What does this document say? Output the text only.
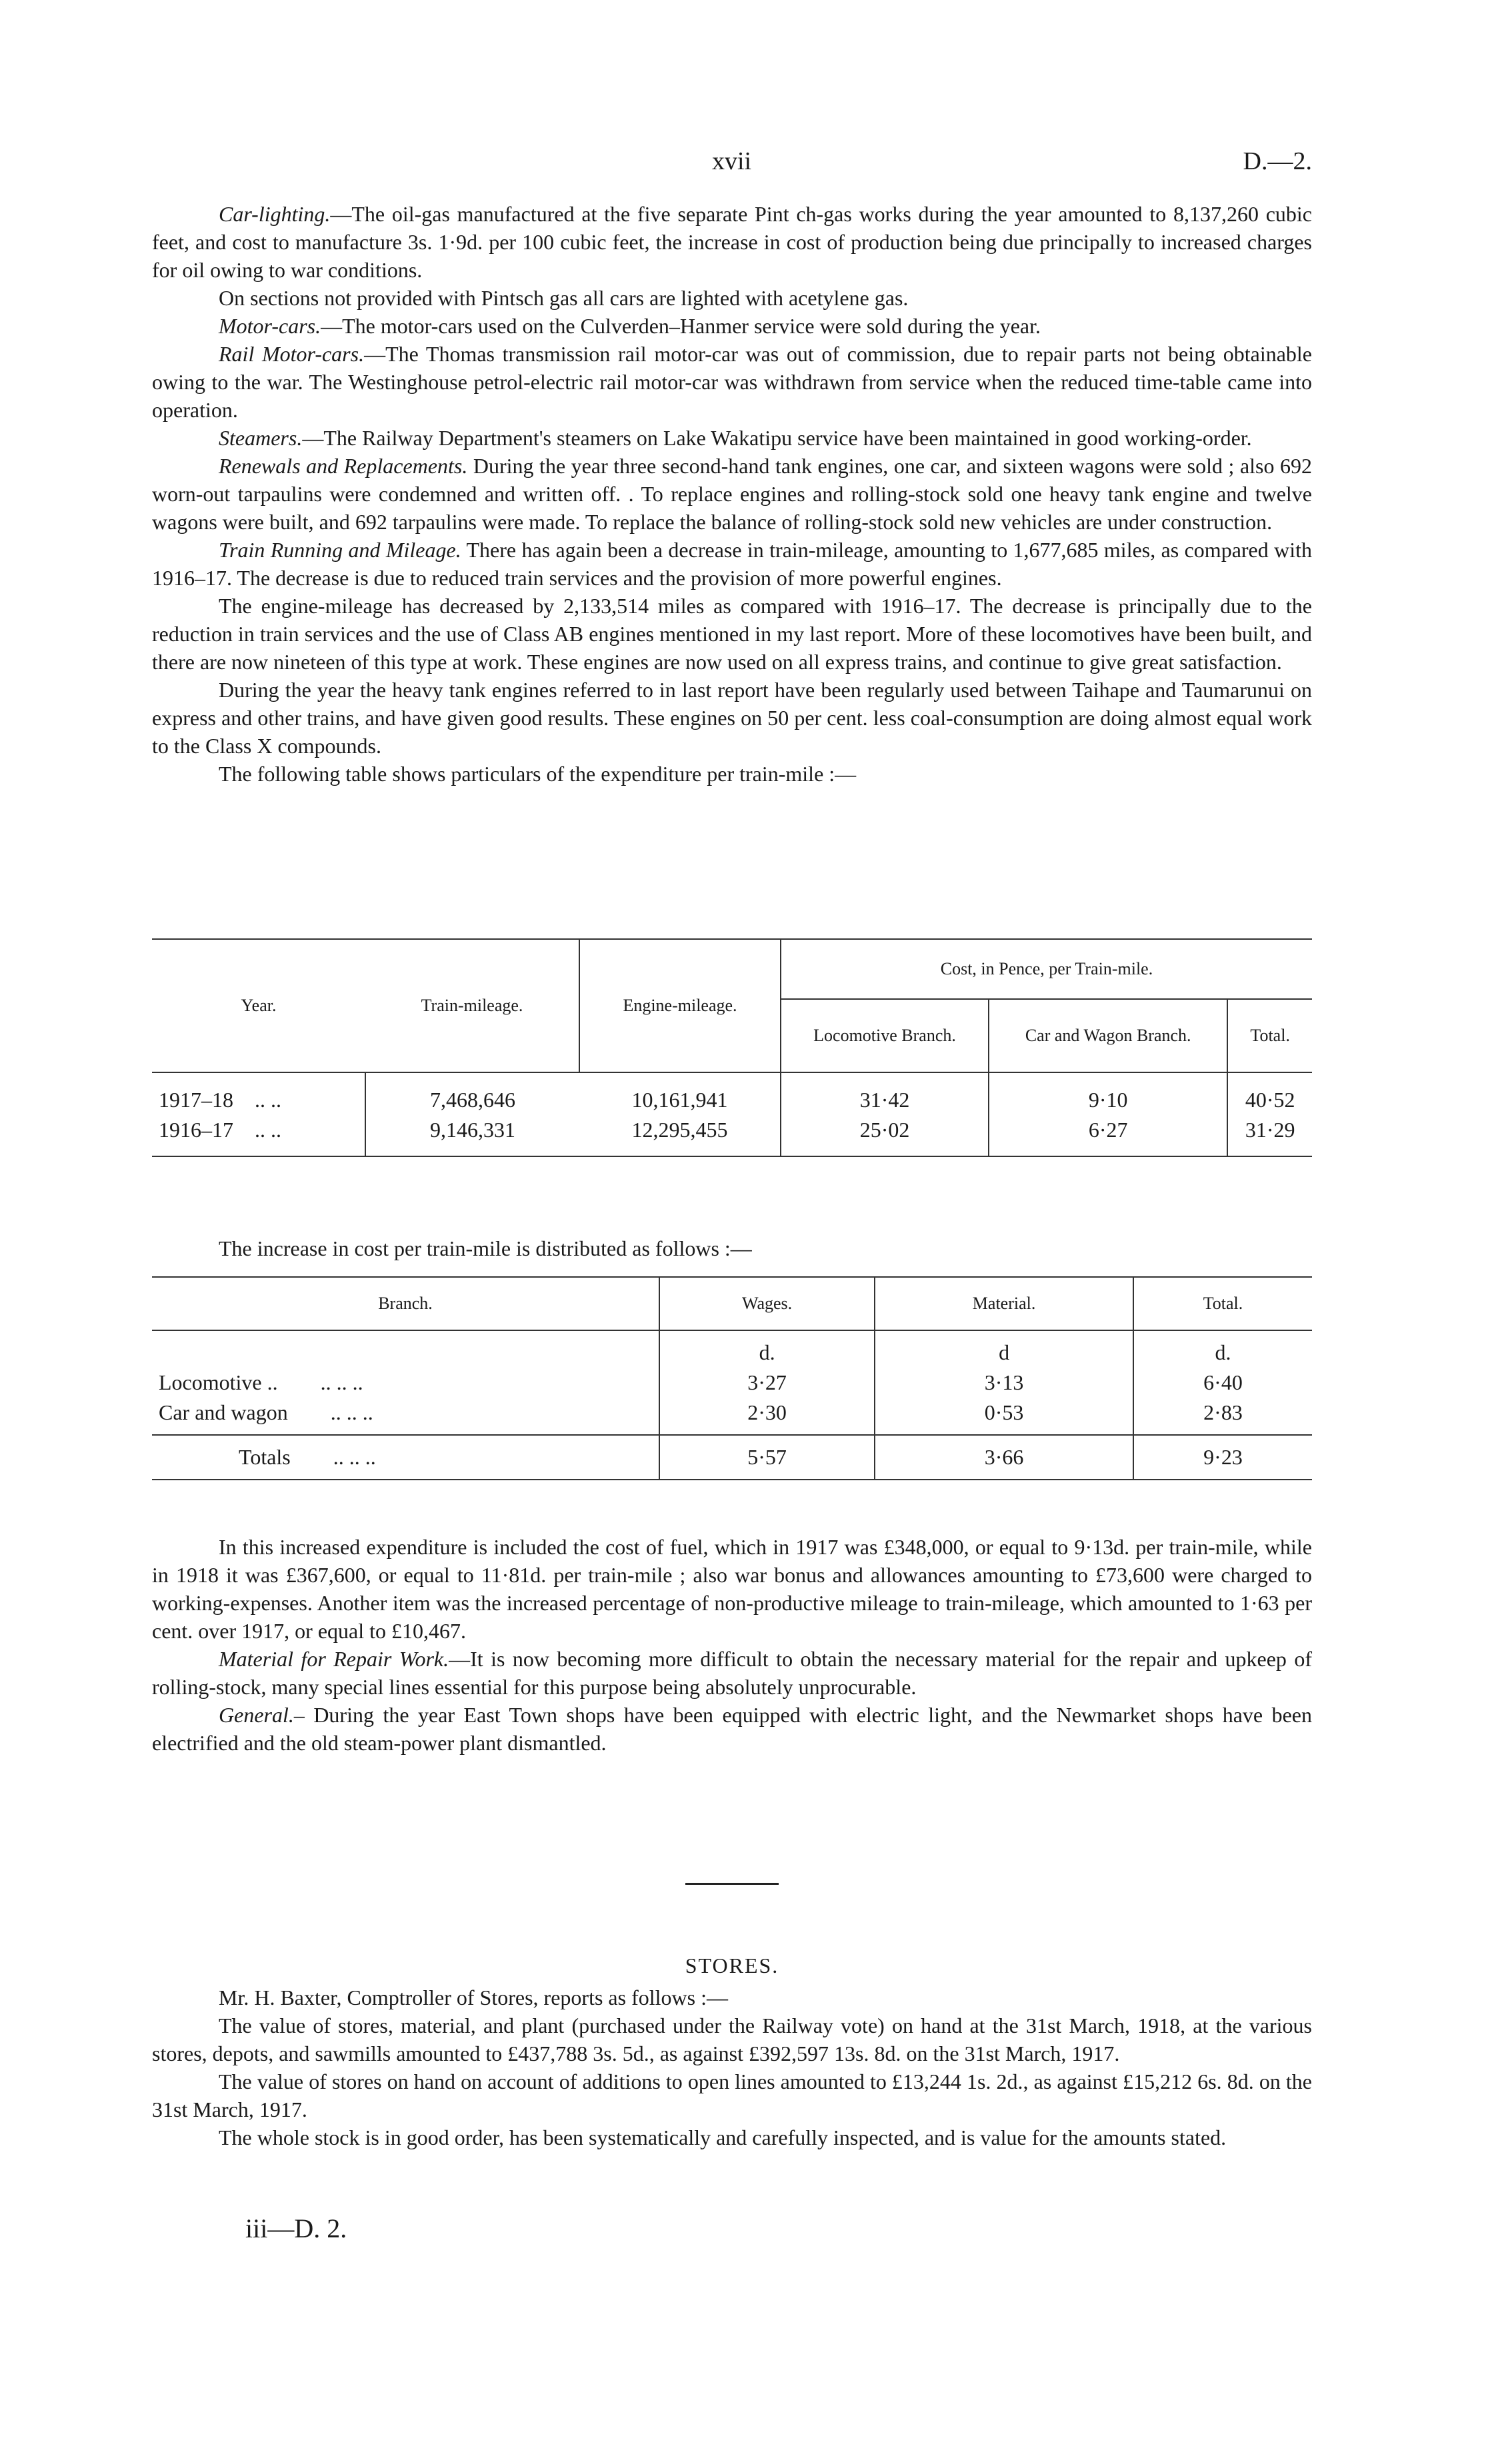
xvii	D.—2.

Car-lighting.—The oil-gas manufactured at the five separate Pint ch-gas works during the year amounted to 8,137,260 cubic feet, and cost to manufacture 3s. 1·9d. per 100 cubic feet, the increase in cost of production being due principally to increased charges for oil owing to war conditions.

On sections not provided with Pintsch gas all cars are lighted with acetylene gas.

Motor-cars.—The motor-cars used on the Culverden–Hanmer service were sold during the year.

Rail Motor-cars.—The Thomas transmission rail motor-car was out of commission, due to repair parts not being obtainable owing to the war. The Westinghouse petrol-electric rail motor-car was withdrawn from service when the reduced time-table came into operation.

Steamers.—The Railway Department's steamers on Lake Wakatipu service have been maintained in good working-order.

Renewals and Replacements. During the year three second-hand tank engines, one car, and sixteen wagons were sold ; also 692 worn-out tarpaulins were condemned and written off. . To replace engines and rolling-stock sold one heavy tank engine and twelve wagons were built, and 692 tarpaulins were made. To replace the balance of rolling-stock sold new vehicles are under construction.

Train Running and Mileage. There has again been a decrease in train-mileage, amounting to 1,677,685 miles, as compared with 1916–17. The decrease is due to reduced train services and the provision of more powerful engines.

The engine-mileage has decreased by 2,133,514 miles as compared with 1916–17. The decrease is principally due to the reduction in train services and the use of Class AB engines mentioned in my last report. More of these locomotives have been built, and there are now nineteen of this type at work. These engines are now used on all express trains, and continue to give great satisfaction.

During the year the heavy tank engines referred to in last report have been regularly used between Taihape and Taumarunui on express and other trains, and have given good results. These engines on 50 per cent. less coal-consumption are doing almost equal work to the Class X compounds.

The following table shows particulars of the expenditure per train-mile :—

Year.	Train-mileage.	Engine-mileage.	Cost, in Pence, per Train-mile.		
			Locomotive Branch.	Car and Wagon Branch.	Total.
1917–18 .. ..	7,468,646	10,161,941	31·42	9·10	40·52
1916–17 .. ..	9,146,331	12,295,455	25·02	6·27	31·29

The increase in cost per train-mile is distributed as follows :—

Branch.	Wages.	Material.	Total.
	d.	d	d.
Locomotive .. .. .. ..	3·27	3·13	6·40
Car and wagon .. .. ..	2·30	0·53	2·83
Totals .. .. ..	5·57	3·66	9·23

In this increased expenditure is included the cost of fuel, which in 1917 was £348,000, or equal to 9·13d. per train-mile, while in 1918 it was £367,600, or equal to 11·81d. per train-mile ; also war bonus and allowances amounting to £73,600 were charged to working-expenses. Another item was the increased percentage of non-productive mileage to train-mileage, which amounted to 1·63 per cent. over 1917, or equal to £10,467.

Material for Repair Work.—It is now becoming more difficult to obtain the necessary material for the repair and upkeep of rolling-stock, many special lines essential for this purpose being absolutely unprocurable.

General.– During the year East Town shops have been equipped with electric light, and the Newmarket shops have been electrified and the old steam-power plant dismantled.

STORES.

Mr. H. Baxter, Comptroller of Stores, reports as follows :—

The value of stores, material, and plant (purchased under the Railway vote) on hand at the 31st March, 1918, at the various stores, depots, and sawmills amounted to £437,788 3s. 5d., as against £392,597 13s. 8d. on the 31st March, 1917.

The value of stores on hand on account of additions to open lines amounted to £13,244 1s. 2d., as against £15,212 6s. 8d. on the 31st March, 1917.

The whole stock is in good order, has been systematically and carefully inspected, and is value for the amounts stated.

iii—D. 2.
